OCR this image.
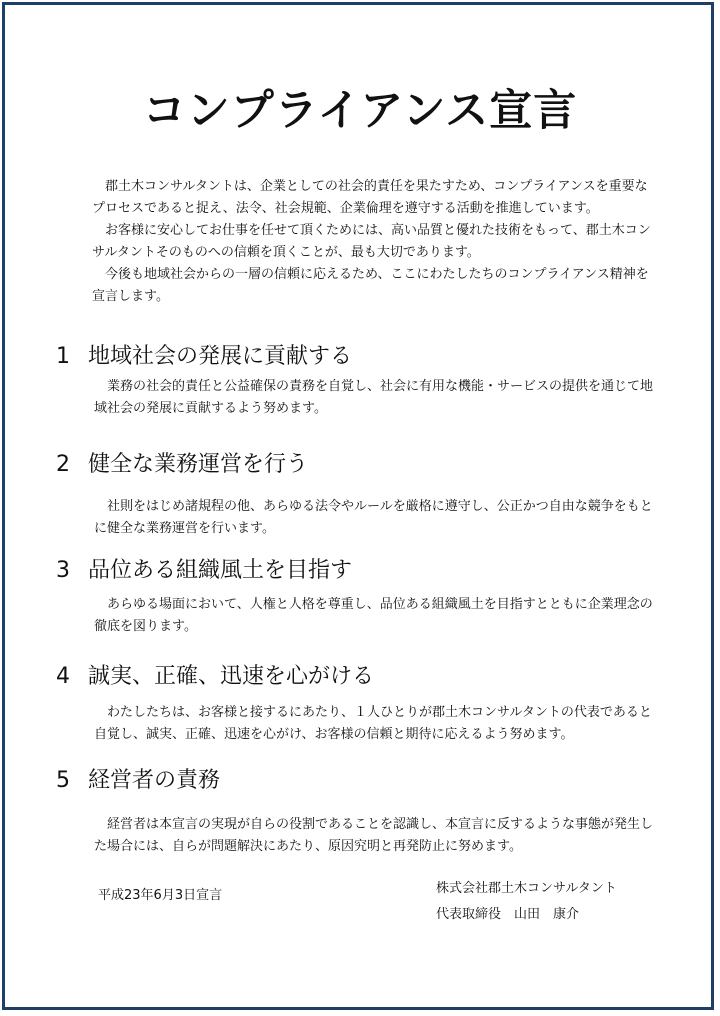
コンプライアンス宣言

郡土木コンサルタントは、企業としての社会的責任を果たすため、コンプライアンスを重要なプロセスであると捉え、法令、社会規範、企業倫理を遵守する活動を推進しています。

お客様に安心してお仕事を任せて頂くためには、高い品質と優れた技術をもって、郡土木コンサルタントそのものへの信頼を頂くことが、最も大切であります。

今後も地域社会からの一層の信頼に応えるため、ここにわたしたちのコンプライアンス精神を宣言します。

1 地域社会の発展に貢献する

業務の社会的責任と公益確保の責務を自覚し、社会に有用な機能・サービスの提供を通じて地域社会の発展に貢献するよう努めます。

2 健全な業務運営を行う

社則をはじめ諸規程の他、あらゆる法令やルールを厳格に遵守し、公正かつ自由な競争をもとに健全な業務運営を行います。

3 品位ある組織風土を目指す

あらゆる場面において、人権と人格を尊重し、品位ある組織風土を目指すとともに企業理念の徹底を図ります。

4 誠実、正確、迅速を心がける

わたしたちは、お客様と接するにあたり、１人ひとりが郡土木コンサルタントの代表であると自覚し、誠実、正確、迅速を心がけ、お客様の信頼と期待に応えるよう努めます。

5 経営者の責務

経営者は本宣言の実現が自らの役割であることを認識し、本宣言に反するような事態が発生した場合には、自らが問題解決にあたり、原因究明と再発防止に努めます。

平成23年6月3日宣言	株式会社郡土木コンサルタント
代表取締役　山田　康介
